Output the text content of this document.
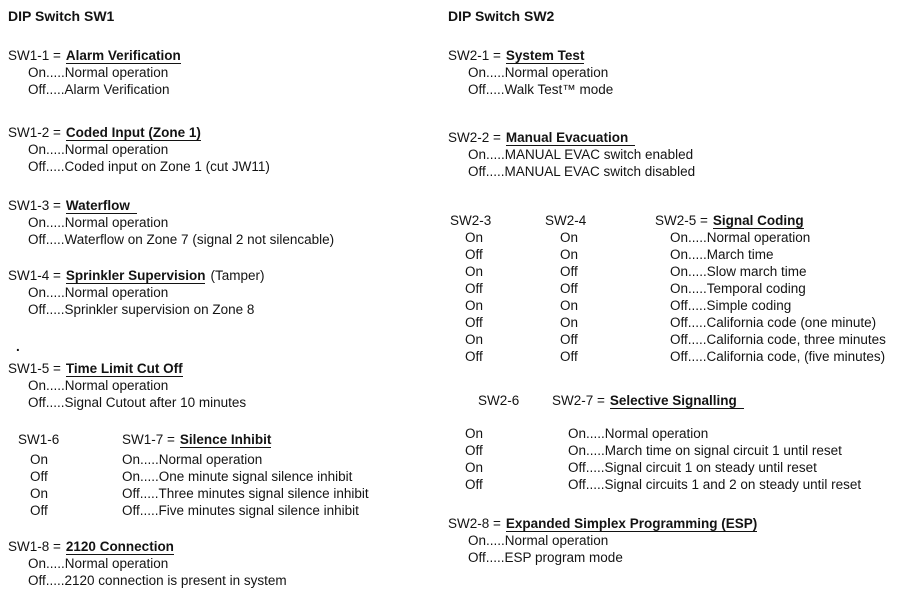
DIP Switch SW1
SW1-1 = Alarm Verification
On.....Normal operation
Off.....Alarm Verification
SW1-2 = Coded Input (Zone 1)
On.....Normal operation
Off.....Coded input on Zone 1 (cut JW11)
SW1-3 = Waterflow
On.....Normal operation
Off.....Waterflow on Zone 7 (signal 2 not silencable)
SW1-4 = Sprinkler Supervision (Tamper)
On.....Normal operation
Off.....Sprinkler supervision on Zone 8
SW1-5 = Time Limit Cut Off
On.....Normal operation
Off.....Signal Cutout after 10 minutes
SW1-6	SW1-7 = Silence Inhibit
On	On.....Normal operation
Off	On.....One minute signal silence inhibit
On	Off.....Three minutes signal silence inhibit
Off	Off.....Five minutes signal silence inhibit
SW1-8 = 2120 Connection
On.....Normal operation
Off.....2120 connection is present in system
.
DIP Switch SW2
SW2-1 = System Test
On.....Normal operation
Off.....Walk Test™ mode
SW2-2 = Manual Evacuation
On.....MANUAL EVAC switch enabled
Off.....MANUAL EVAC switch disabled
SW2-3	SW2-4	SW2-5 = Signal Coding
On	On	On.....Normal operation
Off	On	On.....March time
On	Off	On.....Slow march time
Off	Off	On.....Temporal coding
On	On	Off.....Simple coding
Off	On	Off.....California code (one minute)
On	Off	Off.....California code, three minutes
Off	Off	Off.....California code, (five minutes)
SW2-6	SW2-7 = Selective Signalling
On	On.....Normal operation
Off	On.....March time on signal circuit 1 until reset
On	Off.....Signal circuit 1 on steady until reset
Off	Off.....Signal circuits 1 and 2 on steady until reset
SW2-8 = Expanded Simplex Programming (ESP)
On.....Normal operation
Off.....ESP program mode
